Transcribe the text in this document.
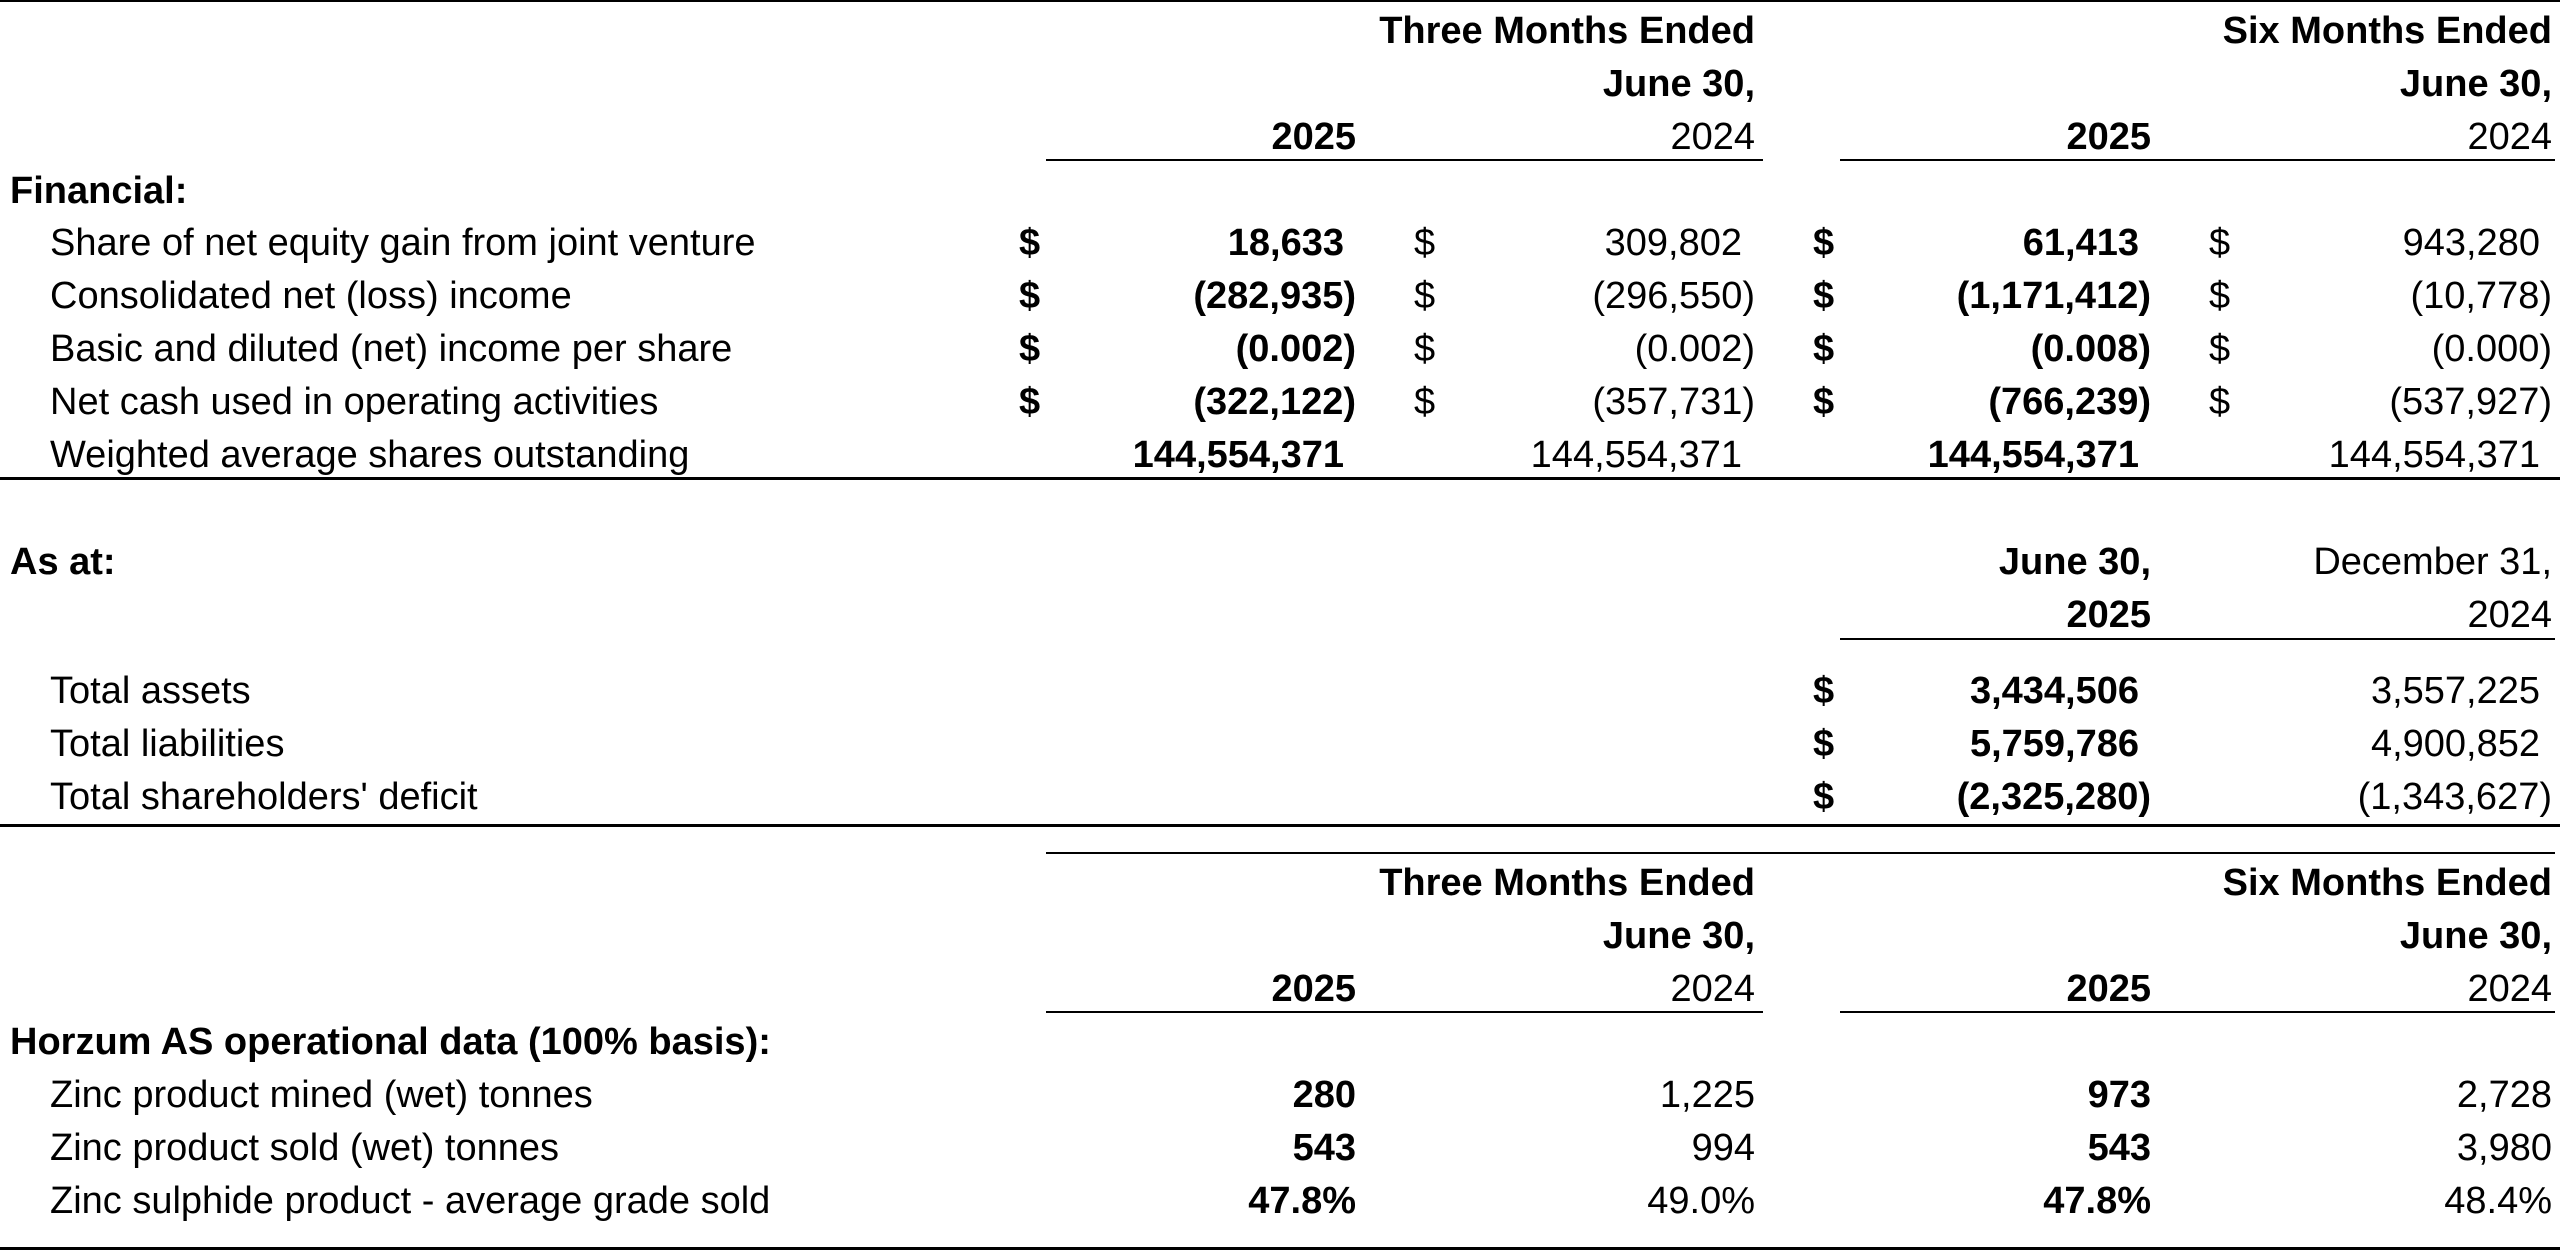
Three Months Ended	Six Months Ended
June 30,	June 30,
2025	2024	2025	2024
Financial:
Share of net equity gain from joint venture	$	18,633 $	309,802 $	61,413 $	943,280
Consolidated net (loss) income	$	(282,935) $	(296,550) $	(1,171,412) $	(10,778)
Basic and diluted (net) income per share	$	(0.002) $	(0.002) $	(0.008) $	(0.000)
Net cash used in operating activities	$	(322,122) $	(357,731) $	(766,239) $	(537,927)
Weighted average shares outstanding	144,554,371	144,554,371	144,554,371	144,554,371
As at:	June 30,	December 31,
2025	2024
Total assets	$	3,434,506	3,557,225
Total liabilities	$	5,759,786	4,900,852
Total shareholders' deficit	$	(2,325,280)	(1,343,627)
Three Months Ended	Six Months Ended
June 30,	June 30,
2025	2024	2025	2024
Horzum AS operational data (100% basis):
Zinc product mined (wet) tonnes	280	1,225	973	2,728
Zinc product sold (wet) tonnes	543	994	543	3,980
Zinc sulphide product - average grade sold	47.8%	49.0%	47.8%	48.4%
